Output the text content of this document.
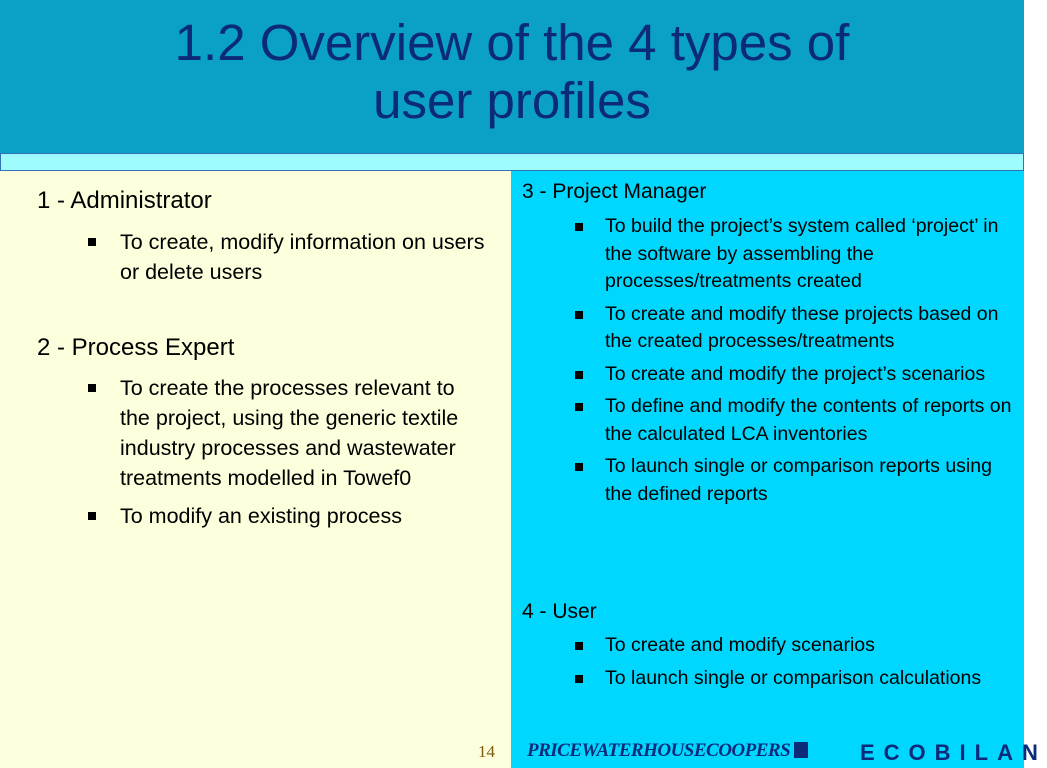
1.2 Overview of the 4 types of
user profiles
1 - Administrator
To create, modify information on users or delete users
2 - Process Expert
To create the processes relevant to the project, using the generic textile industry processes and wastewater treatments modelled in Towef0
To modify an existing process
3 - Project Manager
To build the project’s system called ‘project’ in the software by assembling the processes/treatments created
To create and modify these projects based on the created processes/treatments
To create and modify the project’s scenarios
To define and modify the contents of reports on the calculated LCA inventories
To launch single or comparison reports using the defined reports
4 - User
To create and modify scenarios
To launch single or comparison calculations
14 PRICEWATERHOUSECOOPERS	ECOBILAN
